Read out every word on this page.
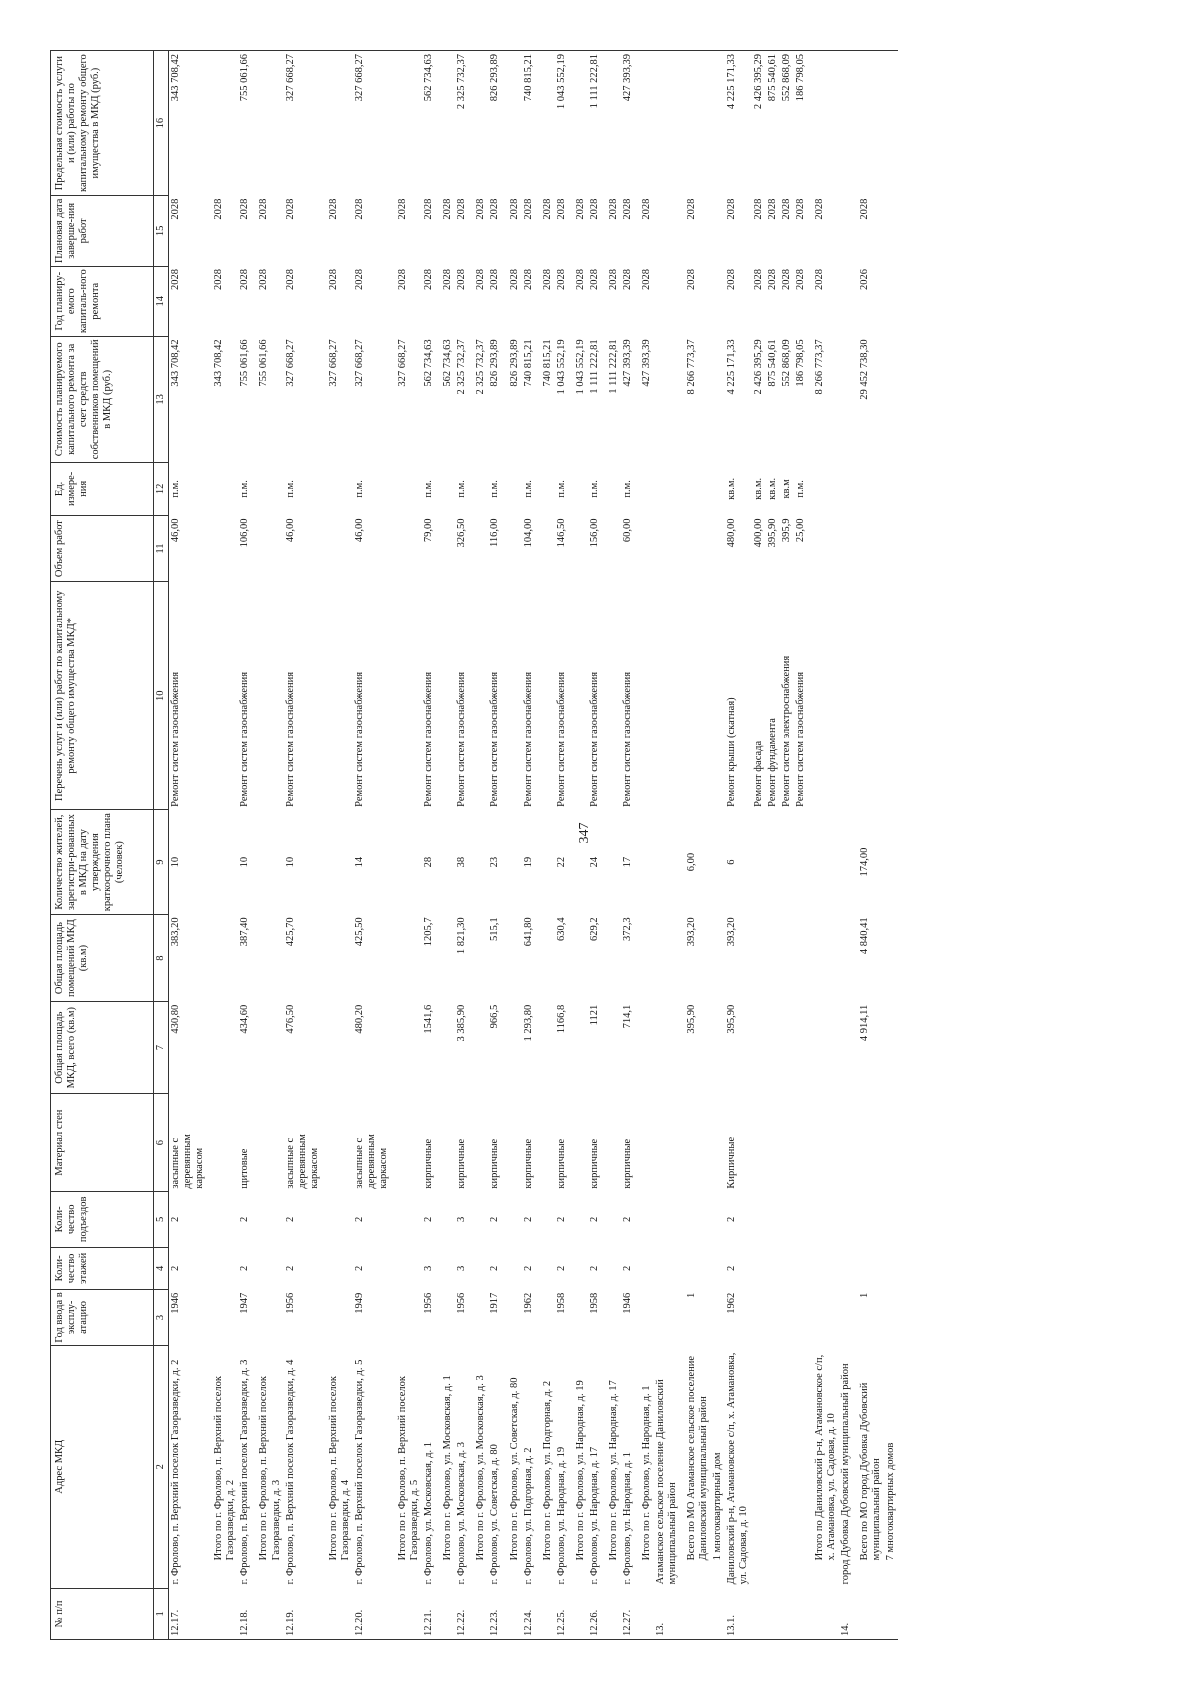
347
№ п/п	Адрес МКД	Год ввода в эксплу-атацию	Коли-чество этажей	Коли-чество подъездов	Материал стен	Общая площадь МКД, всего (кв.м)	Общая площадь помещений МКД (кв.м)	Количество жителей, зарегистри-рованных в МКД на дату утверждения краткосрочного плана (человек)	Перечень услуг и (или) работ по капитальному ремонту общего имущества МКД*	Объем работ	Ед. измере-ния	Стоимость планируемого капитального ремонта за счет средств собственников помещений в МКД (руб.)	Год планиру-емого капиталь-ного ремонта	Плановая дата заверше-ния работ	Предельная стоимость услуги и (или) работы по капитальному ремонту общего имущества в МКД (руб.)
1	2	3	4	5	6	7	8	9	10	11	12	13	14	15	16
12.17.	г. Фролово, п. Верхний поселок Газоразведки, д. 2	1946	2	2	засыпные с деревянным каркасом	430,80	383,20	10	Ремонт систем газоснабжения	46,00	п.м.	343 708,42	2028	2028	343 708,42
	Итого по г. Фролово, п. Верхний поселок Газоразведки, д. 2											343 708,42	2028	2028	
12.18.	г. Фролово, п. Верхний поселок Газоразведки, д. 3	1947	2	2	щитовые	434,60	387,40	10	Ремонт систем газоснабжения	106,00	п.м.	755 061,66	2028	2028	755 061,66
	Итого по г. Фролово, п. Верхний поселок Газоразведки, д. 3											755 061,66	2028	2028	
12.19.	г. Фролово, п. Верхний поселок Газоразведки, д. 4	1956	2	2	засыпные с деревянным каркасом	476,50	425,70	10	Ремонт систем газоснабжения	46,00	п.м.	327 668,27	2028	2028	327 668,27
	Итого по г. Фролово, п. Верхний поселок Газоразведки, д. 4											327 668,27	2028	2028	
12.20.	г. Фролово, п. Верхний поселок Газоразведки, д. 5	1949	2	2	засыпные с деревянным каркасом	480,20	425,50	14	Ремонт систем газоснабжения	46,00	п.м.	327 668,27	2028	2028	327 668,27
	Итого по г. Фролово, п. Верхний поселок Газоразведки, д. 5											327 668,27	2028	2028	
12.21.	г. Фролово, ул. Московская, д. 1	1956	3	2	кирпичные	1541,6	1205,7	28	Ремонт систем газоснабжения	79,00	п.м.	562 734,63	2028	2028	562 734,63
	Итого по г. Фролово, ул. Московская, д. 1											562 734,63	2028	2028	
12.22.	г. Фролово, ул. Московская, д. 3	1956	3	3	кирпичные	3 385,90	1 821,30	38	Ремонт систем газоснабжения	326,50	п.м.	2 325 732,37	2028	2028	2 325 732,37
	Итого по г. Фролово, ул. Московская, д. 3											2 325 732,37	2028	2028	
12.23.	г. Фролово, ул. Советская, д. 80	1917	2	2	кирпичные	966,5	515,1	23	Ремонт систем газоснабжения	116,00	п.м.	826 293,89	2028	2028	826 293,89
	Итого по г. Фролово, ул. Советская, д. 80											826 293,89	2028	2028	
12.24.	г. Фролово, ул. Подгорная, д. 2	1962	2	2	кирпичные	1 293,80	641,80	19	Ремонт систем газоснабжения	104,00	п.м.	740 815,21	2028	2028	740 815,21
	Итого по г. Фролово, ул. Подгорная, д. 2											740 815,21	2028	2028	
12.25.	г. Фролово, ул. Народная, д. 19	1958	2	2	кирпичные	1166,8	630,4	22	Ремонт систем газоснабжения	146,50	п.м.	1 043 552,19	2028	2028	1 043 552,19
	Итого по г. Фролово, ул. Народная, д. 19											1 043 552,19	2028	2028	
12.26.	г. Фролово, ул. Народная, д. 17	1958	2	2	кирпичные	1121	629,2	24	Ремонт систем газоснабжения	156,00	п.м.	1 111 222,81	2028	2028	1 111 222,81
	Итого по г. Фролово, ул. Народная, д. 17											1 111 222,81	2028	2028	
12.27.	г. Фролово, ул. Народная, д. 1	1946	2	2	кирпичные	714,1	372,3	17	Ремонт систем газоснабжения	60,00	п.м.	427 393,39	2028	2028	427 393,39
	Итого по г. Фролово, ул. Народная, д. 1											427 393,39	2028	2028	
13.	Атаманское сельское поселение Даниловский муниципальный район														
	Всего по МО Атаманское сельское поселение Даниловский муниципальный район	1				395,90	393,20	6,00				8 266 773,37	2028	2028	
	1 многоквартирный дом														
13.1.	Даниловский р-н, Атамановское с/п, х. Атамановка, ул. Садовая, д. 10	1962	2	2	Кирпичные	395,90	393,20	6	Ремонт крыши (скатная)	480,00	кв.м.	4 225 171,33	2028	2028	4 225 171,33
									Ремонт фасада	400,00	кв.м.	2 426 395,29	2028	2028	2 426 395,29
									Ремонт фундамента	395,90	кв.м.	875 540,61	2028	2028	875 540,61
									Ремонт систем электроснабжения	395,9	кв.м	552 868,09	2028	2028	552 868,09
									Ремонт систем газоснабжения	25,00	п.м.	186 798,05	2028	2028	186 798,05
	Итого по Даниловский р-н, Атамановское с/п, х. Атамановка, ул. Садовая, д. 10											8 266 773,37	2028	2028	
14.	город Дубовка Дубовский муниципальный район														
	Всего по МО город Дубовка Дубовский муниципальный район	1				4 914,11	4 840,41	174,00				29 452 738,30	2026	2028	
	7 многоквартирных домов														
